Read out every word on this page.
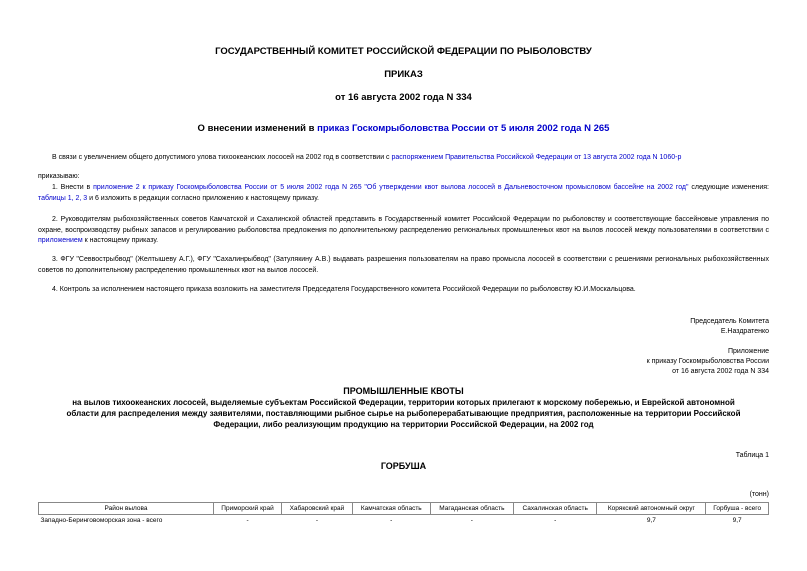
ГОСУДАРСТВЕННЫЙ КОМИТЕТ РОССИЙСКОЙ ФЕДЕРАЦИИ ПО РЫБОЛОВСТВУ
ПРИКАЗ
от 16 августа 2002 года N 334
О внесении изменений в приказ Госкомрыболовства России от 5 июля 2002 года N 265
В связи с увеличением общего допустимого улова тихоокеанских лососей на 2002 год в соответствии с распоряжением Правительства Российской Федерации от 13 августа 2002 года N 1060-р
приказываю:
1. Внести в приложение 2 к приказу Госкомрыболовства России от 5 июля 2002 года N 265 "Об утверждении квот вылова лососей в Дальневосточном промысловом бассейне на 2002 год" следующие изменения: таблицы 1, 2, 3 и 6 изложить в редакции согласно приложению к настоящему приказу.
2. Руководителям рыбохозяйственных советов Камчатской и Сахалинской областей представить в Государственный комитет Российской Федерации по рыболовству и соответствующие бассейновые управления по охране, воспроизводству рыбных запасов и регулированию рыболовства предложения по дополнительному распределению региональных промышленных квот на вылов лососей между пользователями в соответствии с приложением к настоящему приказу.
3. ФГУ "Севвострыбвод" (Желтышеву А.Г.), ФГУ "Сахалинрыбвод" (Затулякину А.В.) выдавать разрешения пользователям на право промысла лососей в соответствии с решениями региональных рыбохозяйственных советов по дополнительному распределению промышленных квот на вылов лососей.
4. Контроль за исполнением настоящего приказа возложить на заместителя Председателя Государственного комитета Российской Федерации по рыболовству Ю.И.Москальцова.
Председатель Комитета
Е.Наздратенко
Приложение
к приказу Госкомрыболовства России
от 16 августа 2002 года N 334
ПРОМЫШЛЕННЫЕ КВОТЫ
на вылов тихоокеанских лососей, выделяемые субъектам Российской Федерации, территории которых прилегают к морскому побережью, и Еврейской автономной области для распределения между заявителями, поставляющими рыбное сырье на рыбоперерабатывающие предприятия, расположенные на территории Российской Федерации, либо реализующим продукцию на территории Российской Федерации, на 2002 год
Таблица 1
ГОРБУША
(тонн)
Район вылова	Приморский край	Хабаровский край	Камчатская область	Магаданская область	Сахалинская область	Корякский автономный округ	Горбуша - всего
Западно-Беринговоморская зона - всего	-	-	-	-	-	9,7	9,7
